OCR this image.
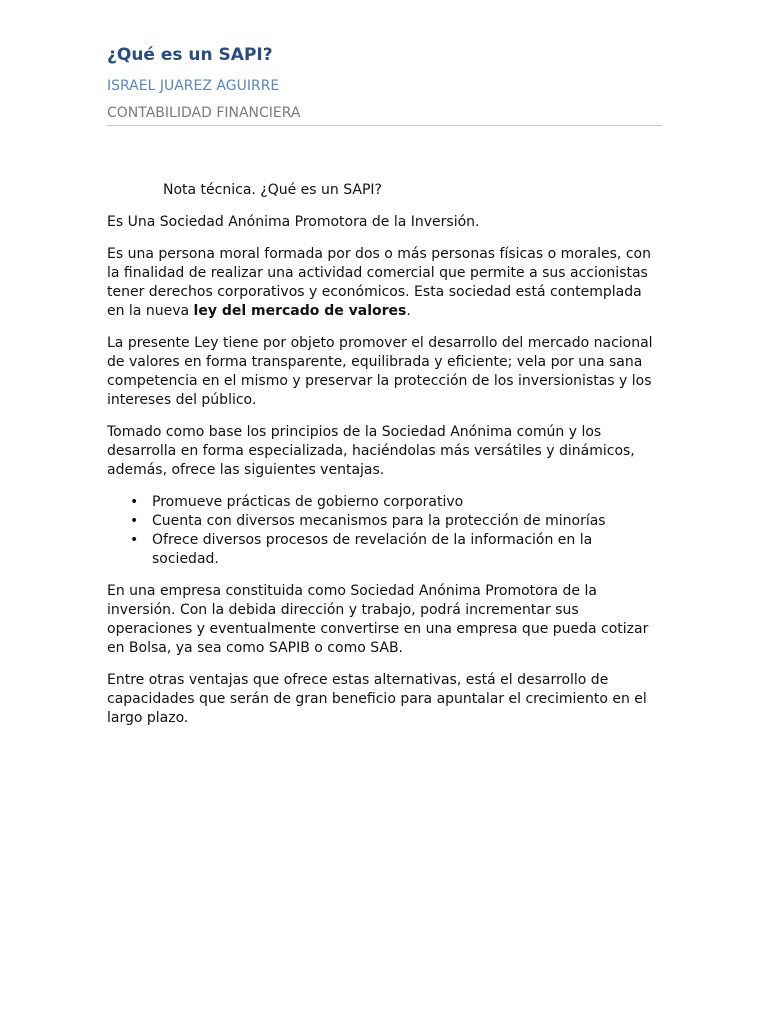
¿Qué es un SAPI?
ISRAEL JUAREZ AGUIRRE
CONTABILIDAD FINANCIERA

Nota técnica. ¿Qué es un SAPI?

Es Una Sociedad Anónima Promotora de la Inversión.

Es una persona moral formada por dos o más personas físicas o morales, con la finalidad de realizar una actividad comercial que permite a sus accionistas tener derechos corporativos y económicos. Esta sociedad está contemplada en la nueva ley del mercado de valores.

La presente Ley tiene por objeto promover el desarrollo del mercado nacional de valores en forma transparente, equilibrada y eficiente; vela por una sana competencia en el mismo y preservar la protección de los inversionistas y los intereses del público.

Tomado como base los principios de la Sociedad Anónima común y los desarrolla en forma especializada, haciéndolas más versátiles y dinámicos, además, ofrece las siguientes ventajas.

• Promueve prácticas de gobierno corporativo
• Cuenta con diversos mecanismos para la protección de minorías
• Ofrece diversos procesos de revelación de la información en la sociedad.

En una empresa constituida como Sociedad Anónima Promotora de la inversión. Con la debida dirección y trabajo, podrá incrementar sus operaciones y eventualmente convertirse en una empresa que pueda cotizar en Bolsa, ya sea como SAPIB o como SAB.

Entre otras ventajas que ofrece estas alternativas, está el desarrollo de capacidades que serán de gran beneficio para apuntalar el crecimiento en el largo plazo.
